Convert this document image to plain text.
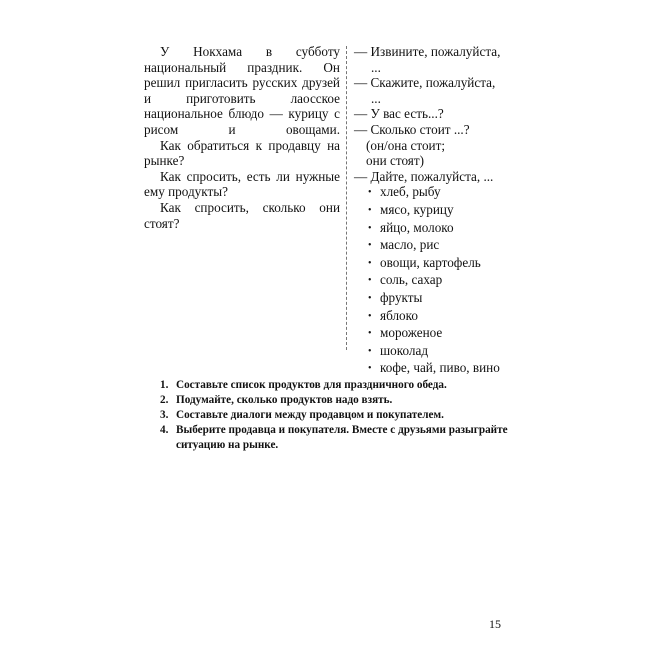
У Нокхама в субботу национальный праздник. Он решил пригласить русских друзей и приготовить лаосское национальное блюдо — курицу с рисом и овощами.

Как обратиться к продавцу на рынке?

Как спросить, есть ли нужные ему продукты?

Как спросить, сколько они стоят?

— Извините, пожалуйста,
...
— Скажите, пожалуйста,
...
— У вас есть...?
— Сколько стоит ...?
(он/она стоит;
они стоят)
— Дайте, пожалуйста, ...
• хлеб, рыбу
• мясо, курицу
• яйцо, молоко
• масло, рис
• овощи, картофель
• соль, сахар
• фрукты
• яблоко
• мороженое
• шоколад
• кофе, чай, пиво, вино
1. Составьте список продуктов для праздничного обеда.
2. Подумайте, сколько продуктов надо взять.
3. Составьте диалоги между продавцом и покупателем.
4. Выберите продавца и покупателя. Вместе с друзьями разыграйте ситуацию на рынке.
15
